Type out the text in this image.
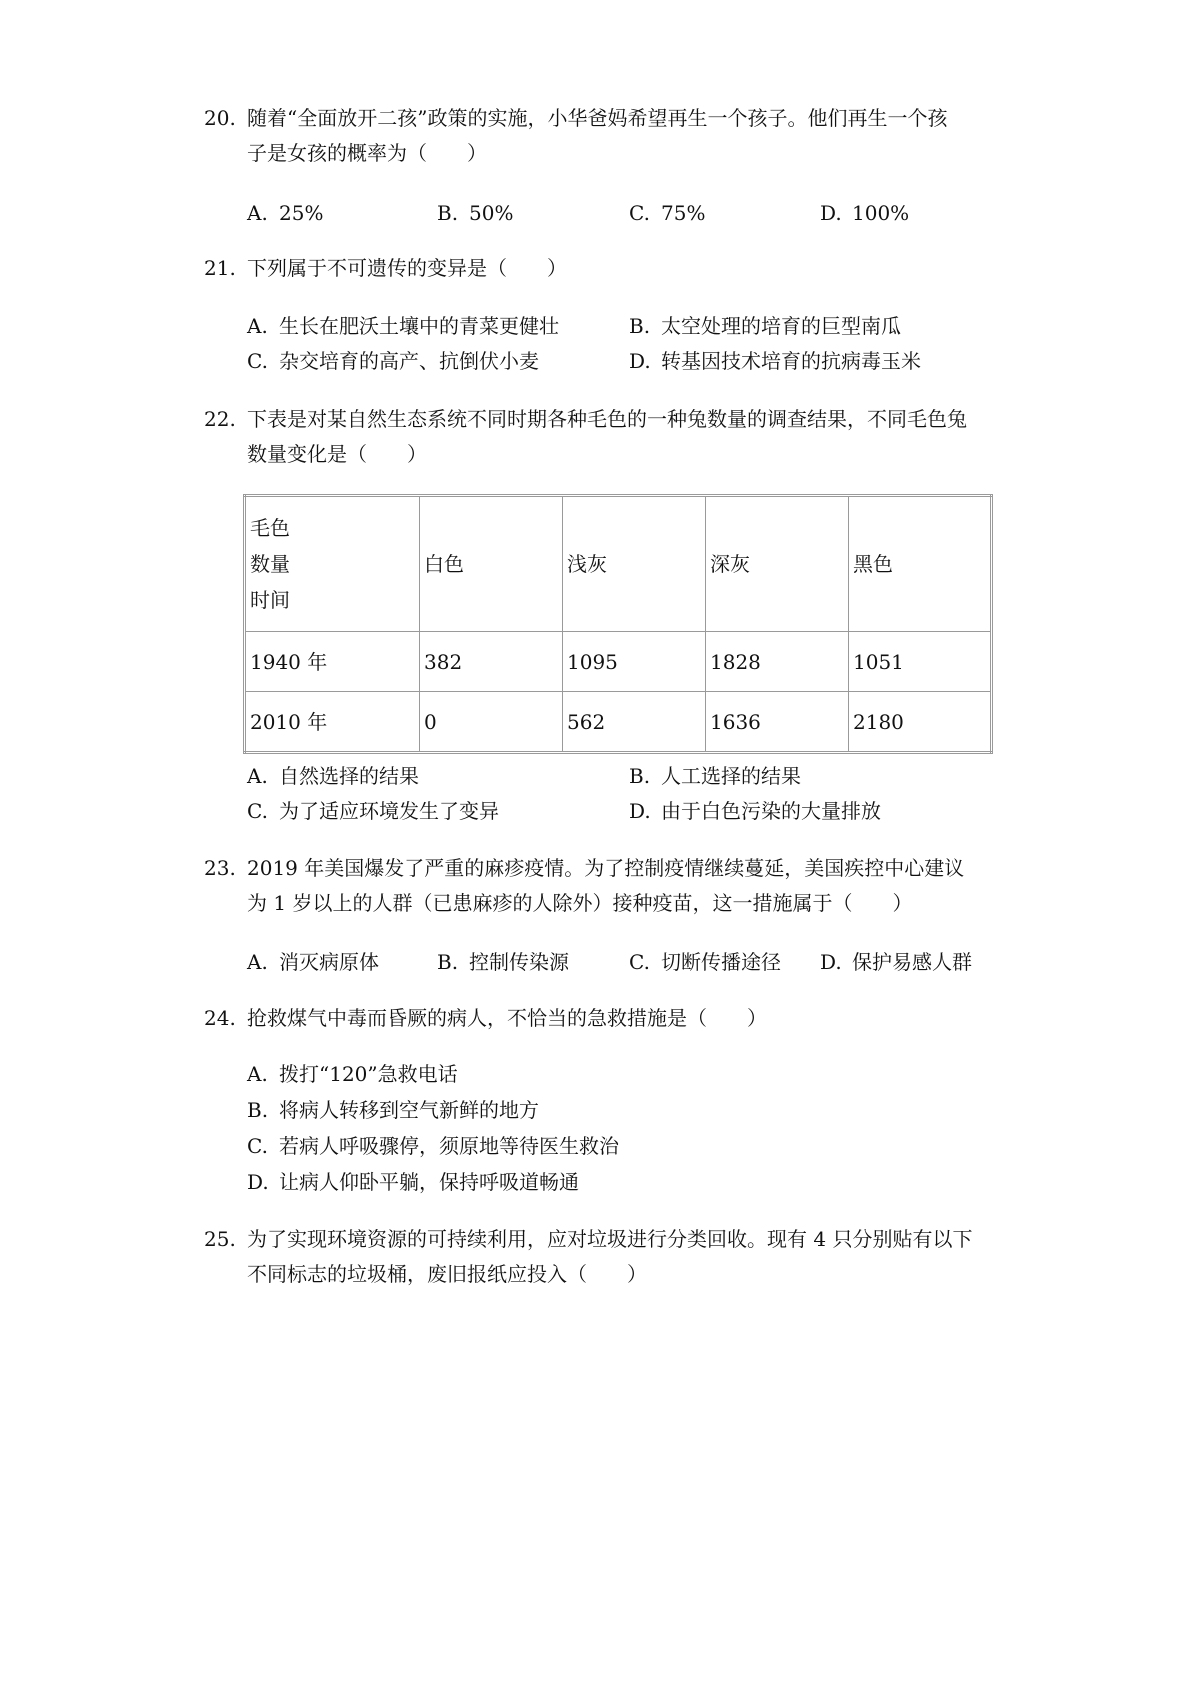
20. 随着“全面放开二孩”政策的实施，小华爸妈希望再生一个孩子。他们再生一个孩
子是女孩的概率为（　　）
A. 25%	B. 50%	C. 75%	D. 100%
21. 下列属于不可遗传的变异是（　　）
A. 生长在肥沃土壤中的青菜更健壮	B. 太空处理的培育的巨型南瓜
C. 杂交培育的高产、抗倒伏小麦	D. 转基因技术培育的抗病毒玉米
22. 下表是对某自然生态系统不同时期各种毛色的一种兔数量的调查结果，不同毛色兔
数量变化是（　　）
毛色
数量
时间	白色	浅灰	深灰	黑色
1940 年	382	1095	1828	1051
2010 年	0	562	1636	2180
A. 自然选择的结果	B. 人工选择的结果
C. 为了适应环境发生了变异	D. 由于白色污染的大量排放
23. 2019 年美国爆发了严重的麻疹疫情。为了控制疫情继续蔓延，美国疾控中心建议
为 1 岁以上的人群（已患麻疹的人除外）接种疫苗，这一措施属于（　　）
A. 消灭病原体	B. 控制传染源	C. 切断传播途径 D. 保护易感人群
24. 抢救煤气中毒而昏厥的病人，不恰当的急救措施是（　　）
A. 拨打“120”急救电话
B. 将病人转移到空气新鲜的地方
C. 若病人呼吸骤停，须原地等待医生救治
D. 让病人仰卧平躺，保持呼吸道畅通
25. 为了实现环境资源的可持续利用，应对垃圾进行分类回收。现有 4 只分别贴有以下
不同标志的垃圾桶，废旧报纸应投入（　　）
